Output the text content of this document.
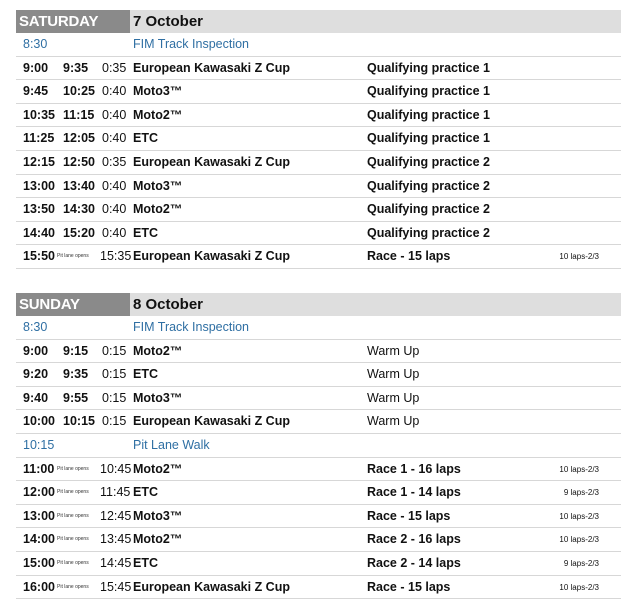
SATURDAY	7 October
8:30	FIM Track Inspection
9:00 9:35 0:35 European Kawasaki Z Cup	Qualifying practice 1
9:45 10:25 0:40 Moto3™	Qualifying practice 1
10:35 11:15 0:40 Moto2™	Qualifying practice 1
11:25 12:05 0:40 ETC	Qualifying practice 1
12:15 12:50 0:35 European Kawasaki Z Cup	Qualifying practice 2
13:00 13:40 0:40 Moto3™	Qualifying practice 2
13:50 14:30 0:40 Moto2™	Qualifying practice 2
14:40 15:20 0:40 ETC	Qualifying practice 2
15:50 Pit lane opens 15:35 European Kawasaki Z Cup	Race - 15 laps	10 laps-2/3
SUNDAY	8 October
8:30	FIM Track Inspection
9:00 9:15 0:15 Moto2™	Warm Up
9:20 9:35 0:15 ETC	Warm Up
9:40 9:55 0:15 Moto3™	Warm Up
10:00 10:15 0:15 European Kawasaki Z Cup	Warm Up
10:15	Pit Lane Walk
11:00 Pit lane opens 10:45 Moto2™	Race 1 - 16 laps	10 laps-2/3
12:00 Pit lane opens 11:45 ETC	Race 1 - 14 laps	9 laps-2/3
13:00 Pit lane opens 12:45 Moto3™	Race - 15 laps	10 laps-2/3
14:00 Pit lane opens 13:45 Moto2™	Race 2 - 16 laps	10 laps-2/3
15:00 Pit lane opens 14:45 ETC	Race 2 - 14 laps	9 laps-2/3
16:00 Pit lane opens 15:45 European Kawasaki Z Cup	Race - 15 laps	10 laps-2/3
